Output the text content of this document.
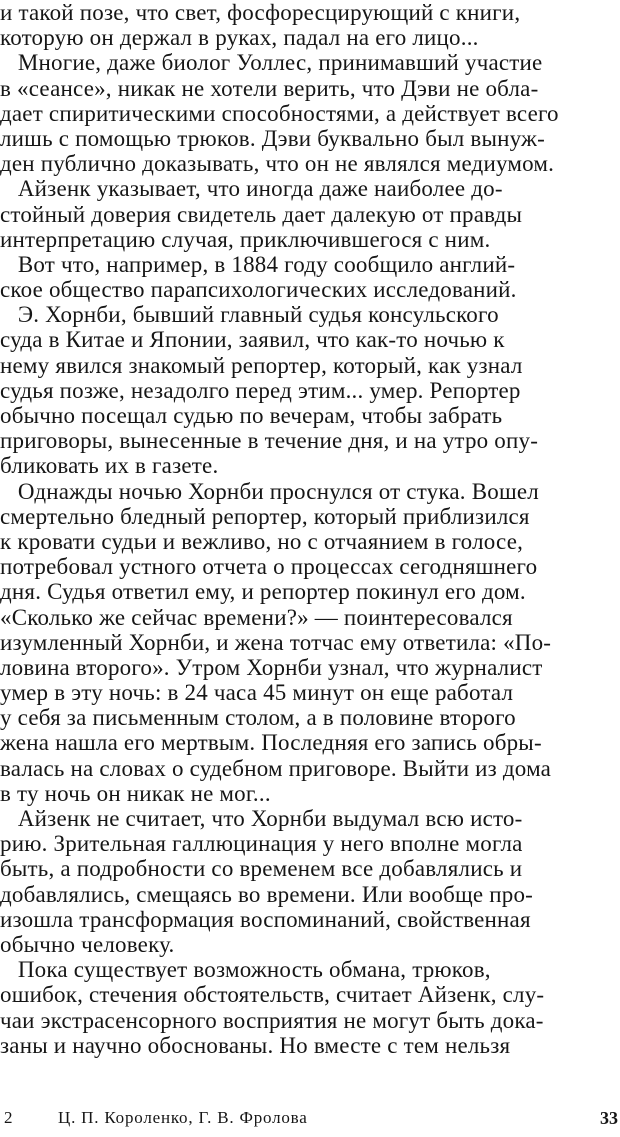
и такой позе, что свет, фосфоресцирующий с книги,
которую он держал в руках, падал на его лицо...
Многие, даже биолог Уоллес, принимавший участие
в «сеансе», никак не хотели верить, что Дэви не обла-
дает спиритическими способностями, а действует всего
лишь с помощью трюков. Дэви буквально был вынуж-
ден публично доказывать, что он не являлся медиумом.
Айзенк указывает, что иногда даже наиболее до-
стойный доверия свидетель дает далекую от правды
интерпретацию случая, приключившегося с ним.
Вот что, например, в 1884 году сообщило англий-
ское общество парапсихологических исследований.
Э. Хорнби, бывший главный судья консульского
суда в Китае и Японии, заявил, что как-то ночью к
нему явился знакомый репортер, который, как узнал
судья позже, незадолго перед этим... умер. Репортер
обычно посещал судью по вечерам, чтобы забрать
приговоры, вынесенные в течение дня, и на утро опу-
бликовать их в газете.
Однажды ночью Хорнби проснулся от стука. Вошел
смертельно бледный репортер, который приблизился
к кровати судьи и вежливо, но с отчаянием в голосе,
потребовал устного отчета о процессах сегодняшнего
дня. Судья ответил ему, и репортер покинул его дом.
«Сколько же сейчас времени?» — поинтересовался
изумленный Хорнби, и жена тотчас ему ответила: «По-
ловина второго». Утром Хорнби узнал, что журналист
умер в эту ночь: в 24 часа 45 минут он еще работал
у себя за письменным столом, а в половине второго
жена нашла его мертвым. Последняя его запись обры-
валась на словах о судебном приговоре. Выйти из дома
в ту ночь он никак не мог...
Айзенк не считает, что Хорнби выдумал всю исто-
рию. Зрительная галлюцинация у него вполне могла
быть, а подробности со временем все добавлялись и
добавлялись, смещаясь во времени. Или вообще про-
изошла трансформация воспоминаний, свойственная
обычно человеку.
Пока существует возможность обмана, трюков,
ошибок, стечения обстоятельств, считает Айзенк, слу-
чаи экстрасенсорного восприятия не могут быть дока-
заны и научно обоснованы. Но вместе с тем нельзя
2	Ц. П. Короленко, Г. В. Фролова	33
